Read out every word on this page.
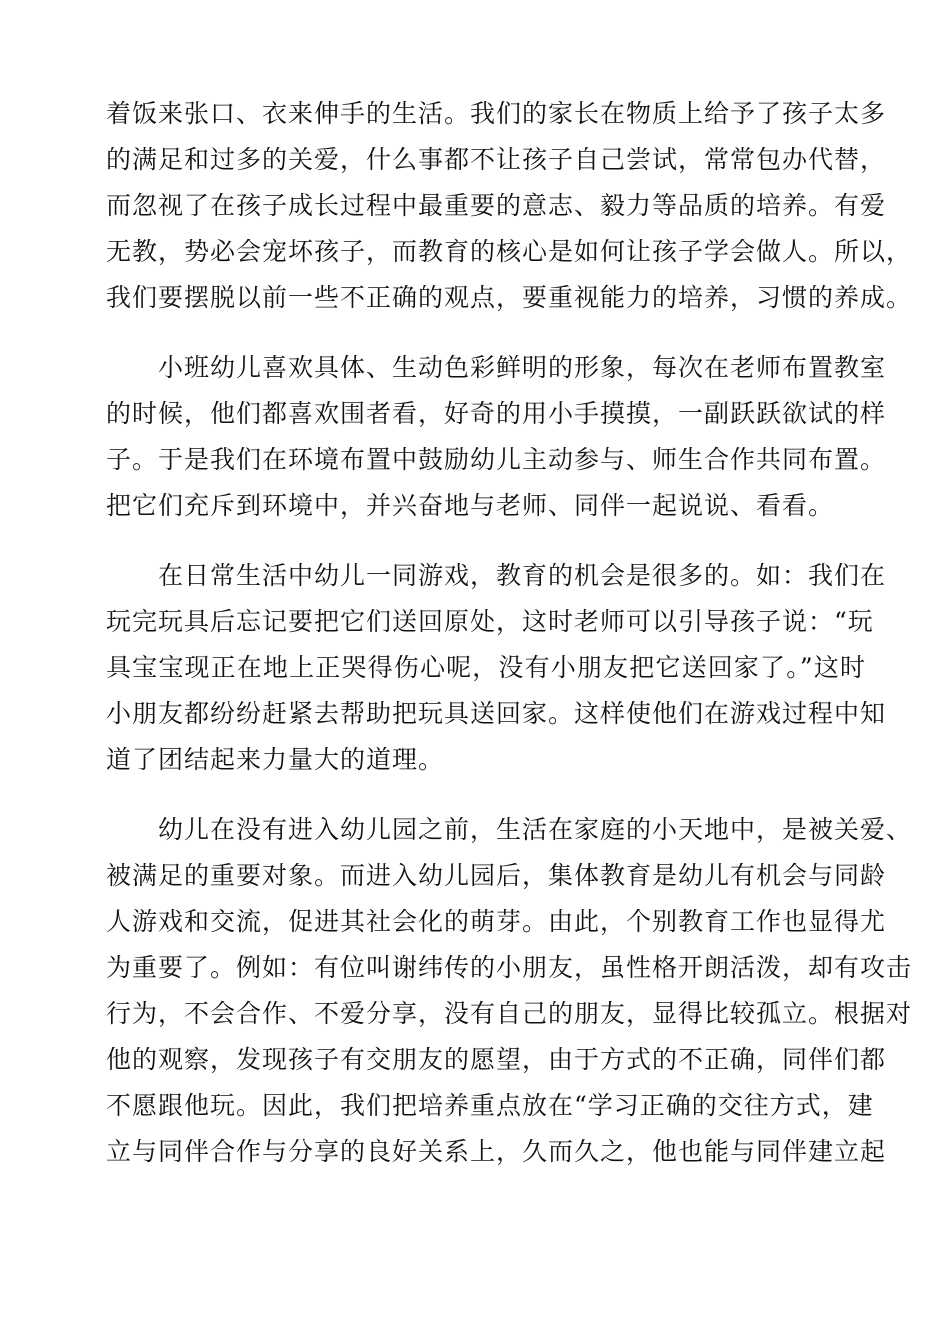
着饭来张口、衣来伸手的生活。我们的家长在物质上给予了孩子太多
的满足和过多的关爱，什么事都不让孩子自己尝试，常常包办代替，
而忽视了在孩子成长过程中最重要的意志、毅力等品质的培养。有爱
无教，势必会宠坏孩子，而教育的核心是如何让孩子学会做人。所以，
我们要摆脱以前一些不正确的观点，要重视能力的培养，习惯的养成。
　　小班幼儿喜欢具体、生动色彩鲜明的形象，每次在老师布置教室
的时候，他们都喜欢围者看，好奇的用小手摸摸，一副跃跃欲试的样
子。于是我们在环境布置中鼓励幼儿主动参与、师生合作共同布置。
把它们充斥到环境中，并兴奋地与老师、同伴一起说说、看看。
　　在日常生活中幼儿一同游戏，教育的机会是很多的。如：我们在
玩完玩具后忘记要把它们送回原处，这时老师可以引导孩子说：“玩
具宝宝现正在地上正哭得伤心呢，没有小朋友把它送回家了。”这时
小朋友都纷纷赶紧去帮助把玩具送回家。这样使他们在游戏过程中知
道了团结起来力量大的道理。
　　幼儿在没有进入幼儿园之前，生活在家庭的小天地中，是被关爱、
被满足的重要对象。而进入幼儿园后，集体教育是幼儿有机会与同龄
人游戏和交流，促进其社会化的萌芽。由此，个别教育工作也显得尤
为重要了。例如：有位叫谢纬传的小朋友，虽性格开朗活泼，却有攻击
行为，不会合作、不爱分享，没有自己的朋友，显得比较孤立。根据对
他的观察，发现孩子有交朋友的愿望，由于方式的不正确，同伴们都
不愿跟他玩。因此，我们把培养重点放在“学习正确的交往方式，建
立与同伴合作与分享的良好关系上，久而久之，他也能与同伴建立起
